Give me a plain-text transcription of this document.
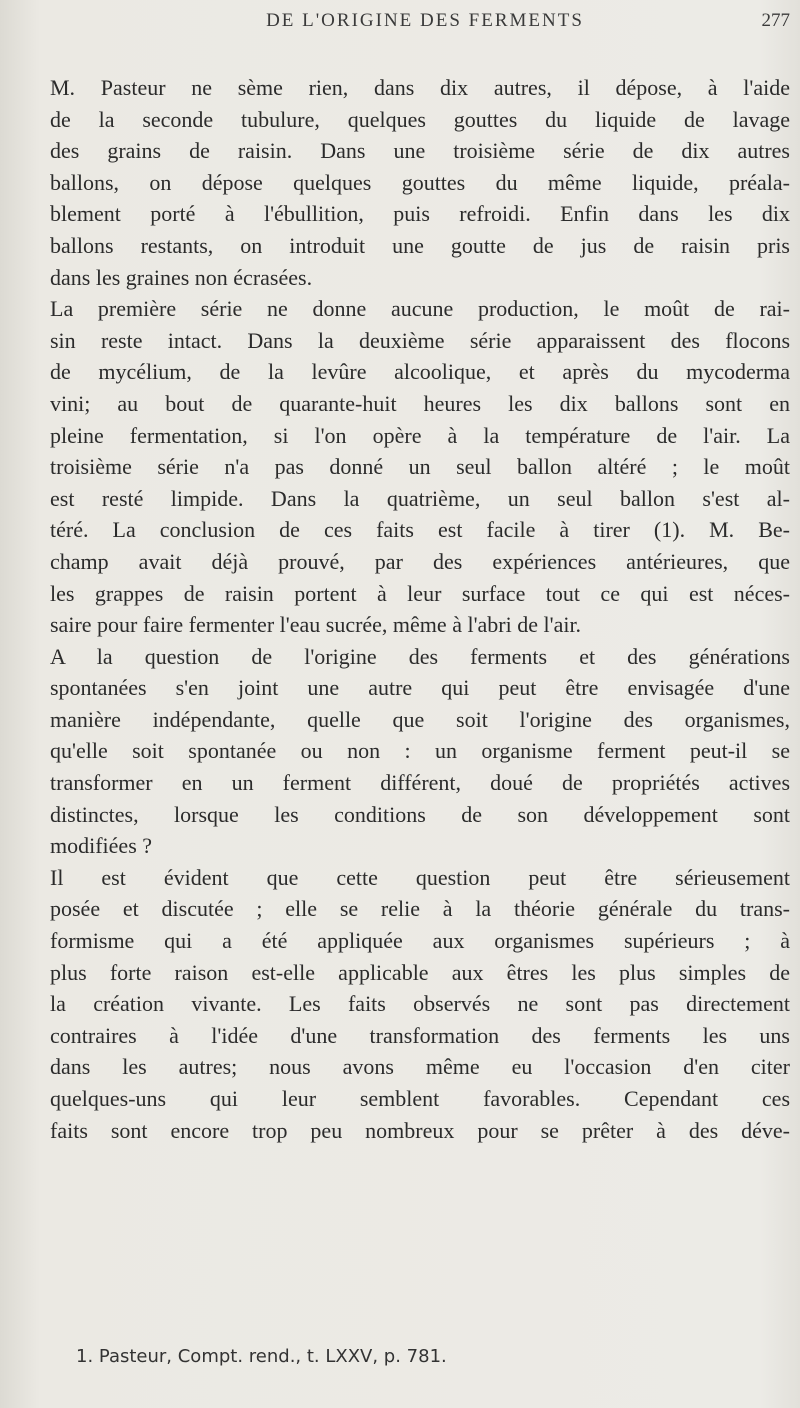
DE L'ORIGINE DES FERMENTS	277

M. Pasteur ne sème rien, dans dix autres, il dépose, à l'aide
de la seconde tubulure, quelques gouttes du liquide de lavage
des grains de raisin. Dans une troisième série de dix autres
ballons, on dépose quelques gouttes du même liquide, préala-
blement porté à l'ébullition, puis refroidi. Enfin dans les dix
ballons restants, on introduit une goutte de jus de raisin pris
dans les graines non écrasées.

La première série ne donne aucune production, le moût de rai-
sin reste intact. Dans la deuxième série apparaissent des flocons
de mycélium, de la levûre alcoolique, et après du mycoderma
vini; au bout de quarante-huit heures les dix ballons sont en
pleine fermentation, si l'on opère à la température de l'air. La
troisième série n'a pas donné un seul ballon altéré ; le moût
est resté limpide. Dans la quatrième, un seul ballon s'est al-
téré. La conclusion de ces faits est facile à tirer (1). M. Be-
champ avait déjà prouvé, par des expériences antérieures, que
les grappes de raisin portent à leur surface tout ce qui est néces-
saire pour faire fermenter l'eau sucrée, même à l'abri de l'air.

A la question de l'origine des ferments et des générations
spontanées s'en joint une autre qui peut être envisagée d'une
manière indépendante, quelle que soit l'origine des organismes,
qu'elle soit spontanée ou non : un organisme ferment peut-il se
transformer en un ferment différent, doué de propriétés actives
distinctes, lorsque les conditions de son développement sont
modifiées ?

Il est évident que cette question peut être sérieusement
posée et discutée ; elle se relie à la théorie générale du trans-
formisme qui a été appliquée aux organismes supérieurs ; à
plus forte raison est-elle applicable aux êtres les plus simples de
la création vivante. Les faits observés ne sont pas directement
contraires à l'idée d'une transformation des ferments les uns
dans les autres; nous avons même eu l'occasion d'en citer
quelques-uns qui leur semblent favorables. Cependant ces
faits sont encore trop peu nombreux pour se prêter à des déve-

1. Pasteur, Compt. rend., t. LXXV, p. 781.
